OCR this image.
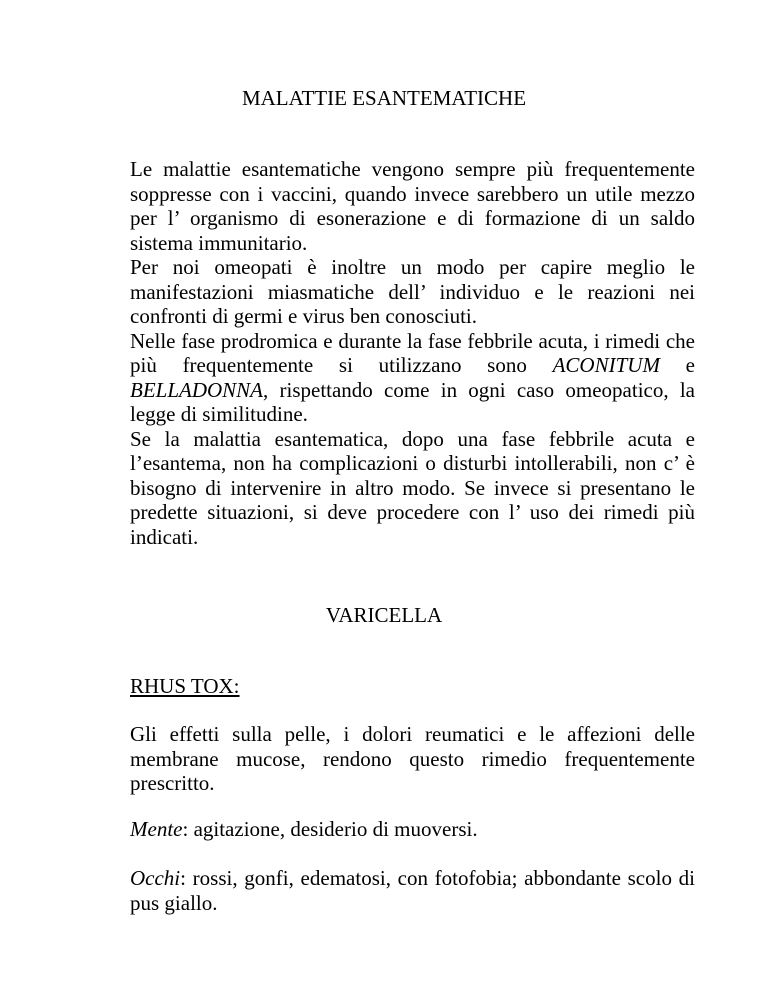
MALATTIE ESANTEMATICHE

Le malattie esantematiche vengono sempre più frequentemente soppresse con i vaccini, quando invece sarebbero un utile mezzo per l’ organismo di esonerazione e di formazione di un saldo sistema immunitario.

Per noi omeopati è inoltre un modo per capire meglio le manifestazioni miasmatiche dell’ individuo e le reazioni nei confronti di germi e virus ben conosciuti.

Nelle fase prodromica e durante la fase febbrile acuta, i rimedi che più frequentemente si utilizzano sono ACONITUM e BELLADONNA, rispettando come in ogni caso omeopatico, la legge di similitudine.

Se la malattia esantematica, dopo una fase febbrile acuta e l’esantema, non ha complicazioni o disturbi intollerabili, non c’ è bisogno di intervenire in altro modo. Se invece si presentano le predette situazioni, si deve procedere con l’ uso dei rimedi più indicati.

VARICELLA
RHUS TOX:

Gli effetti sulla pelle, i dolori reumatici e le affezioni delle membrane mucose, rendono questo rimedio frequentemente prescritto.

Mente: agitazione, desiderio di muoversi.

Occhi: rossi, gonfi, edematosi, con fotofobia; abbondante scolo di pus giallo.
